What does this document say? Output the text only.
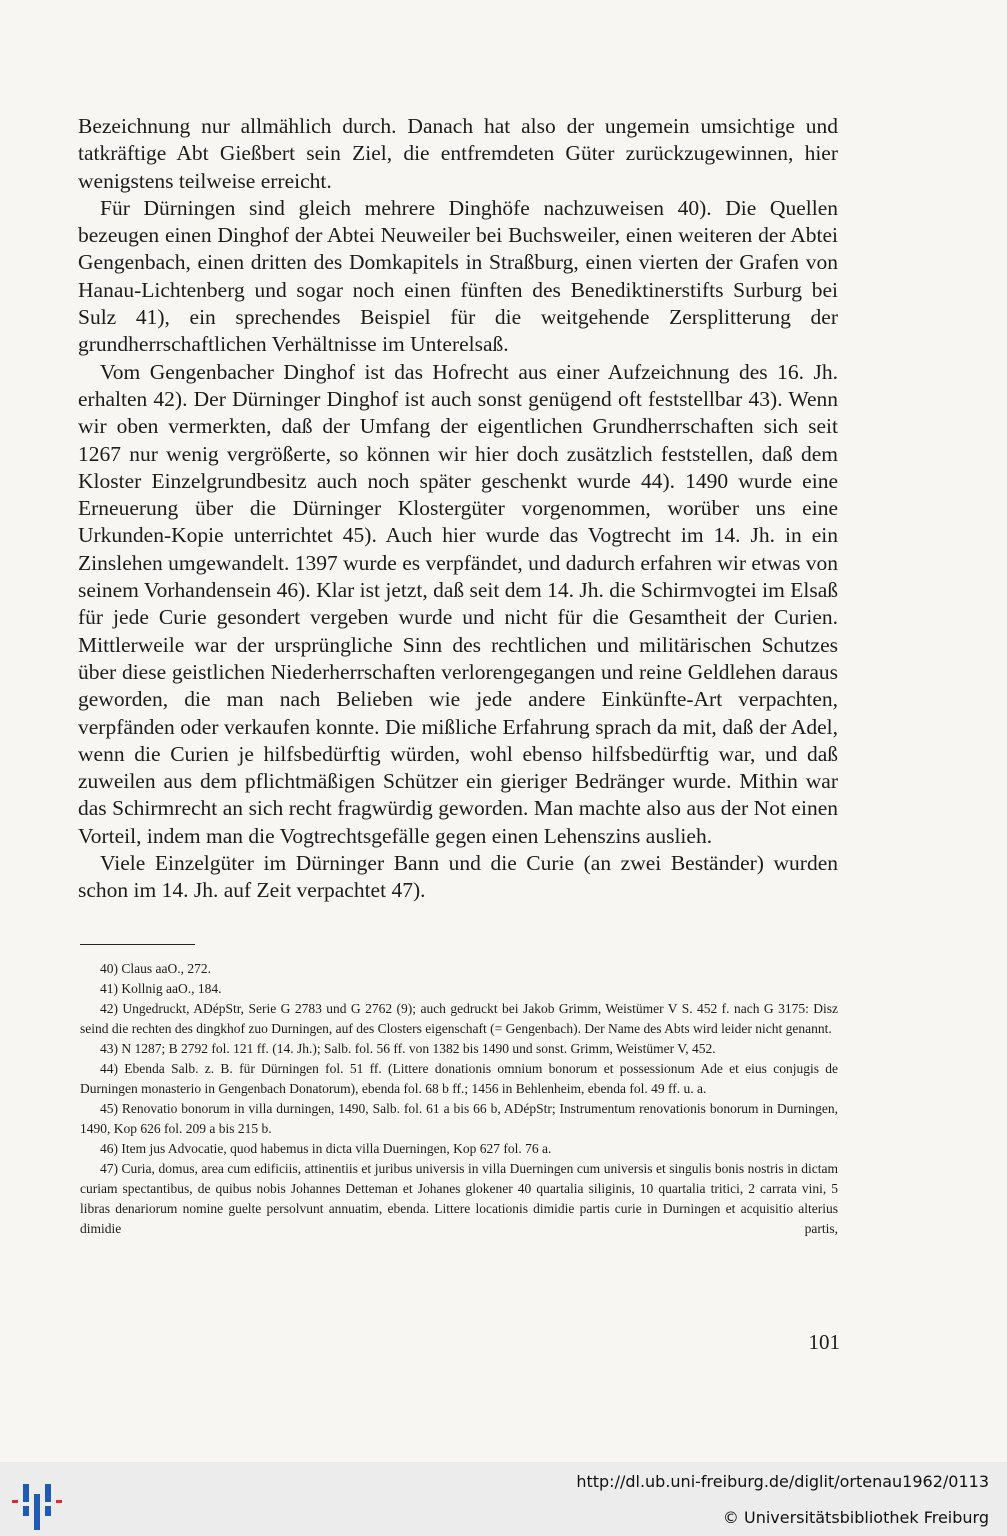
Bezeichnung nur allmählich durch. Danach hat also der ungemein umsichtige und tatkräftige Abt Gießbert sein Ziel, die entfremdeten Güter zurückzugewinnen, hier wenigstens teilweise erreicht.

Für Dürningen sind gleich mehrere Dinghöfe nachzuweisen 40). Die Quellen bezeugen einen Dinghof der Abtei Neuweiler bei Buchsweiler, einen weiteren der Abtei Gengenbach, einen dritten des Domkapitels in Straßburg, einen vierten der Grafen von Hanau-Lichtenberg und sogar noch einen fünften des Benediktinerstifts Surburg bei Sulz 41), ein sprechendes Beispiel für die weitgehende Zersplitterung der grundherrschaftlichen Verhältnisse im Unterelsaß.

Vom Gengenbacher Dinghof ist das Hofrecht aus einer Aufzeichnung des 16. Jh. erhalten 42). Der Dürninger Dinghof ist auch sonst genügend oft feststellbar 43). Wenn wir oben vermerkten, daß der Umfang der eigentlichen Grundherrschaften sich seit 1267 nur wenig vergrößerte, so können wir hier doch zusätzlich feststellen, daß dem Kloster Einzelgrundbesitz auch noch später geschenkt wurde 44). 1490 wurde eine Erneuerung über die Dürninger Klostergüter vorgenommen, worüber uns eine Urkunden-Kopie unterrichtet 45). Auch hier wurde das Vogtrecht im 14. Jh. in ein Zinslehen umgewandelt. 1397 wurde es verpfändet, und dadurch erfahren wir etwas von seinem Vorhandensein 46). Klar ist jetzt, daß seit dem 14. Jh. die Schirmvogtei im Elsaß für jede Curie gesondert vergeben wurde und nicht für die Gesamtheit der Curien. Mittlerweile war der ursprüngliche Sinn des rechtlichen und militärischen Schutzes über diese geistlichen Niederherrschaften verlorengegangen und reine Geldlehen daraus geworden, die man nach Belieben wie jede andere Einkünfte-Art verpachten, verpfänden oder verkaufen konnte. Die mißliche Erfahrung sprach da mit, daß der Adel, wenn die Curien je hilfsbedürftig würden, wohl ebenso hilfsbedürftig war, und daß zuweilen aus dem pflichtmäßigen Schützer ein gieriger Bedränger wurde. Mithin war das Schirmrecht an sich recht fragwürdig geworden. Man machte also aus der Not einen Vorteil, indem man die Vogtrechtsgefälle gegen einen Lehenszins auslieh.

Viele Einzelgüter im Dürninger Bann und die Curie (an zwei Beständer) wurden schon im 14. Jh. auf Zeit verpachtet 47).

40) Claus aaO., 272.

41) Kollnig aaO., 184.

42) Ungedruckt, ADépStr, Serie G 2783 und G 2762 (9); auch gedruckt bei Jakob Grimm, Weistümer V S. 452 f. nach G 3175: Disz seind die rechten des dingkhof zuo Durningen, auf des Closters eigenschaft (= Gengenbach). Der Name des Abts wird leider nicht genannt.

43) N 1287; B 2792 fol. 121 ff. (14. Jh.); Salb. fol. 56 ff. von 1382 bis 1490 und sonst. Grimm, Weistümer V, 452.

44) Ebenda Salb. z. B. für Dürningen fol. 51 ff. (Littere donationis omnium bonorum et possessionum Ade et eius conjugis de Durningen monasterio in Gengenbach Donatorum), ebenda fol. 68 b ff.; 1456 in Behlenheim, ebenda fol. 49 ff. u. a.

45) Renovatio bonorum in villa durningen, 1490, Salb. fol. 61 a bis 66 b, ADépStr; Instrumentum renovationis bonorum in Durningen, 1490, Kop 626 fol. 209 a bis 215 b.

46) Item jus Advocatie, quod habemus in dicta villa Duerningen, Kop 627 fol. 76 a.

47) Curia, domus, area cum edificiis, attinentiis et juribus universis in villa Duerningen cum universis et singulis bonis nostris in dictam curiam spectantibus, de quibus nobis Johannes Detteman et Johanes glokener 40 quartalia siliginis, 10 quartalia tritici, 2 carrata vini, 5 libras denariorum nomine guelte persolvunt annuatim, ebenda. Littere locationis dimidie partis curie in Durningen et acquisitio alterius dimidie partis,

101
http://dl.ub.uni-freiburg.de/diglit/ortenau1962/0113
© Universitätsbibliothek Freiburg
